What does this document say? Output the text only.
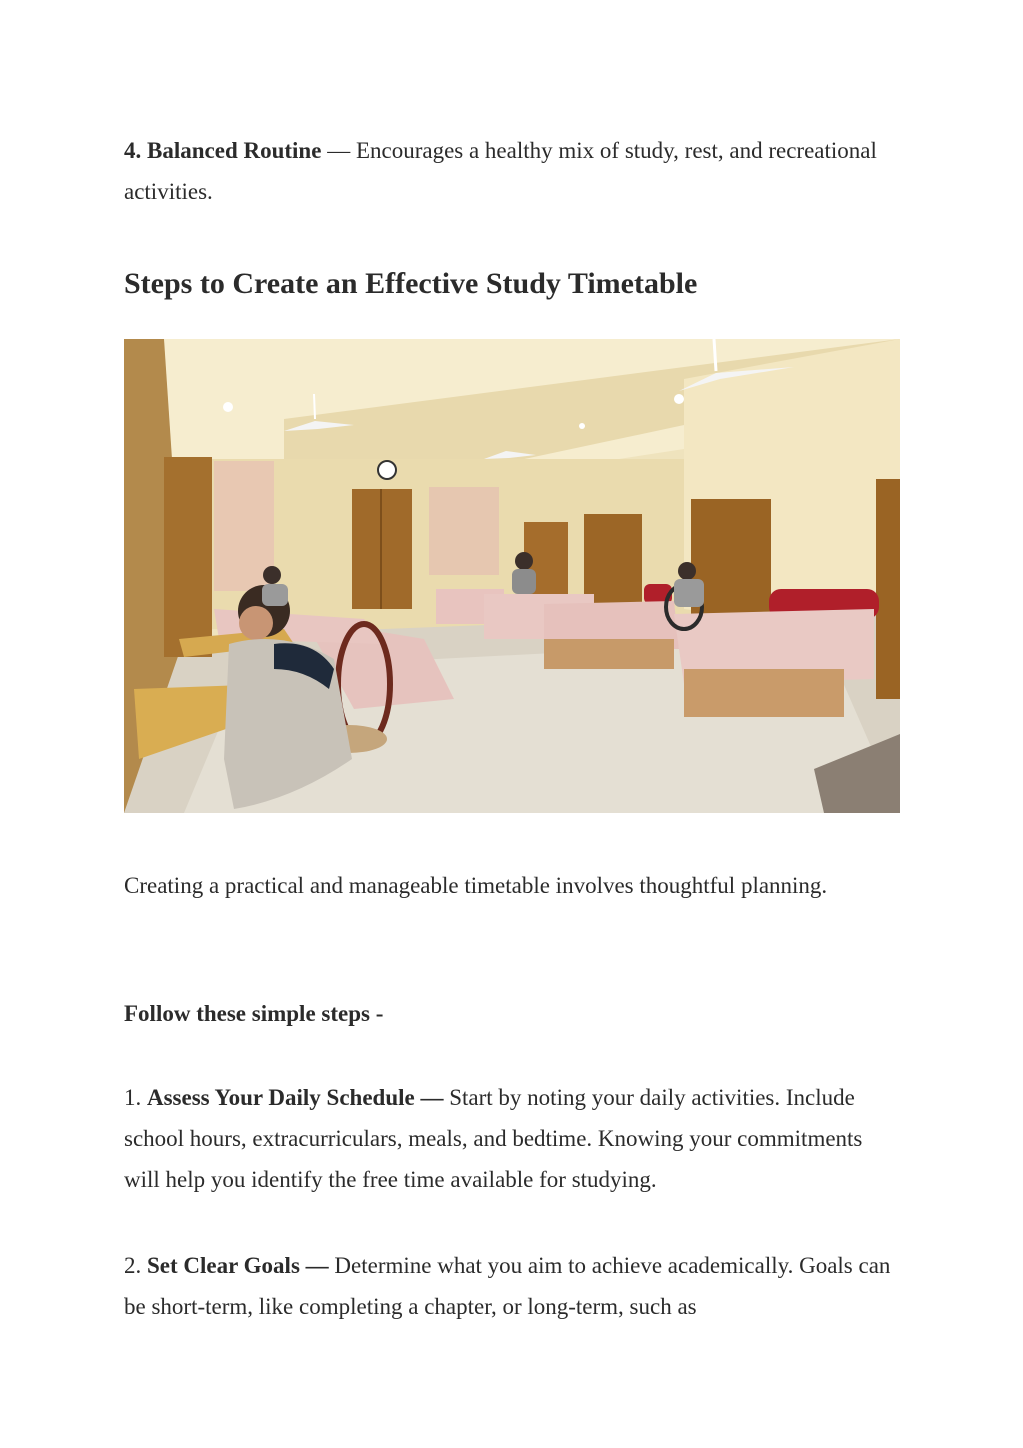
4. Balanced Routine — Encourages a healthy mix of study, rest, and recreational activities.

Steps to Create an Effective Study Timetable

Creating a practical and manageable timetable involves thoughtful planning.

Follow these simple steps -

1. Assess Your Daily Schedule — Start by noting your daily activities. Include school hours, extracurriculars, meals, and bedtime. Knowing your commitments will help you identify the free time available for studying.

2. Set Clear Goals — Determine what you aim to achieve academically. Goals can be short-term, like completing a chapter, or long-term, such as
